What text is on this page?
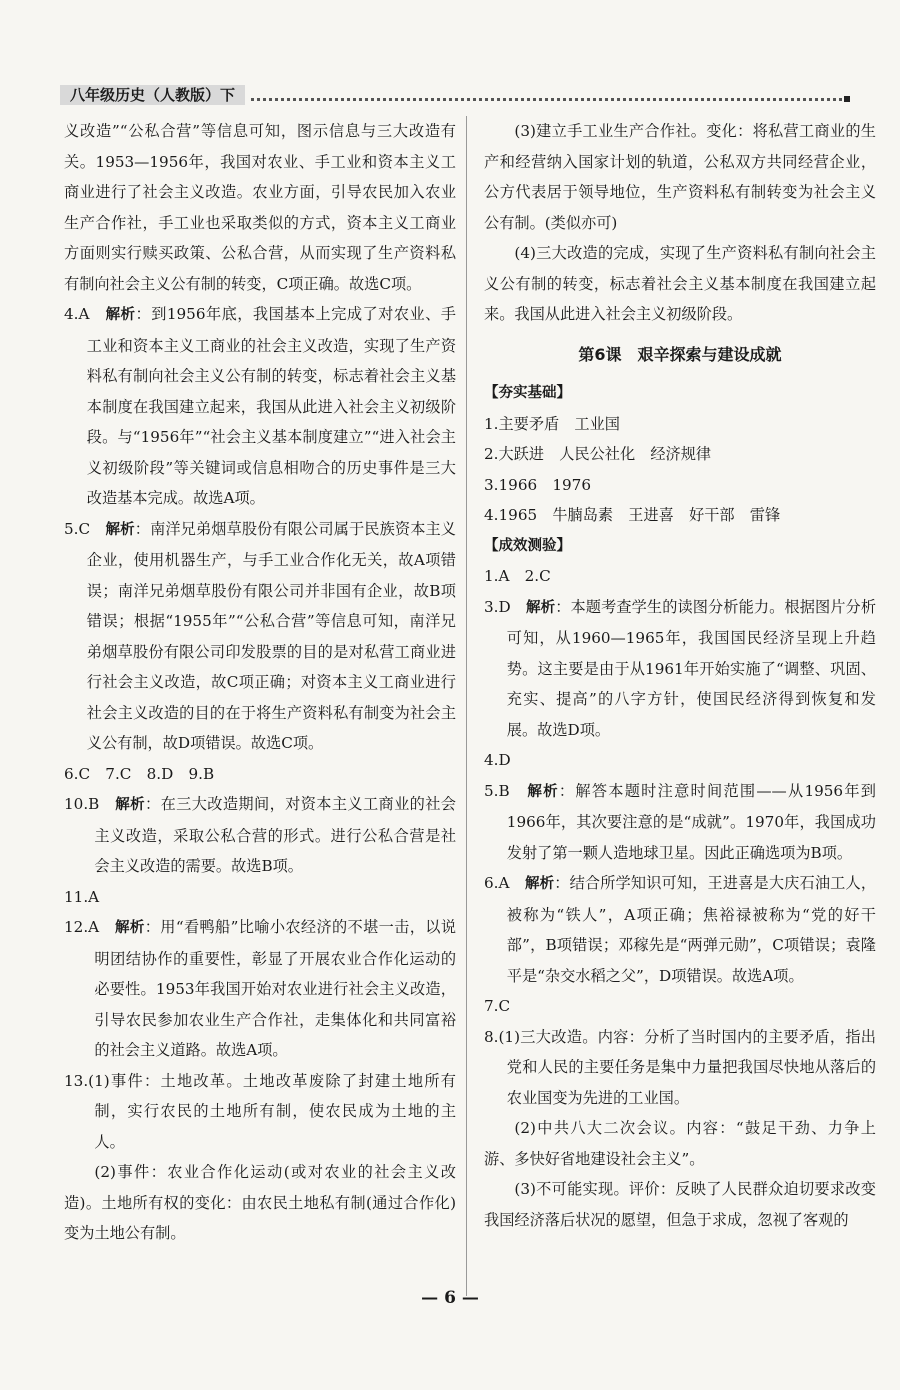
八年级历史（人教版）下

义改造”“公私合营”等信息可知，图示信息与三大改造有关。1953—1956年，我国对农业、手工业和资本主义工商业进行了社会主义改造。农业方面，引导农民加入农业生产合作社，手工业也采取类似的方式，资本主义工商业方面则实行赎买政策、公私合营，从而实现了生产资料私有制向社会主义公有制的转变，C项正确。故选C项。

4.A　解析：到1956年底，我国基本上完成了对农业、手工业和资本主义工商业的社会主义改造，实现了生产资料私有制向社会主义公有制的转变，标志着社会主义基本制度在我国建立起来，我国从此进入社会主义初级阶段。与“1956年”“社会主义基本制度建立”“进入社会主义初级阶段”等关键词或信息相吻合的历史事件是三大改造基本完成。故选A项。

5.C　解析：南洋兄弟烟草股份有限公司属于民族资本主义企业，使用机器生产，与手工业合作化无关，故A项错误；南洋兄弟烟草股份有限公司并非国有企业，故B项错误；根据“1955年”“公私合营”等信息可知，南洋兄弟烟草股份有限公司印发股票的目的是对私营工商业进行社会主义改造，故C项正确；对资本主义工商业进行社会主义改造的目的在于将生产资料私有制变为社会主义公有制，故D项错误。故选C项。

6.C　7.C　8.D　9.B

10.B　解析：在三大改造期间，对资本主义工商业的社会主义改造，采取公私合营的形式。进行公私合营是社会主义改造的需要。故选B项。

11.A

12.A　解析：用“看鸭船”比喻小农经济的不堪一击，以说明团结协作的重要性，彰显了开展农业合作化运动的必要性。1953年我国开始对农业进行社会主义改造，引导农民参加农业生产合作社，走集体化和共同富裕的社会主义道路。故选A项。

13.(1)事件：土地改革。土地改革废除了封建土地所有制，实行农民的土地所有制，使农民成为土地的主人。

(2)事件：农业合作化运动(或对农业的社会主义改造)。土地所有权的变化：由农民土地私有制(通过合作化)变为土地公有制。

(3)建立手工业生产合作社。变化：将私营工商业的生产和经营纳入国家计划的轨道，公私双方共同经营企业，公方代表居于领导地位，生产资料私有制转变为社会主义公有制。(类似亦可)

(4)三大改造的完成，实现了生产资料私有制向社会主义公有制的转变，标志着社会主义基本制度在我国建立起来。我国从此进入社会主义初级阶段。

第6课　艰辛探索与建设成就
【夯实基础】

1.主要矛盾　工业国

2.大跃进　人民公社化　经济规律

3.1966　1976

4.1965　牛腩岛素　王进喜　好干部　雷锋

【成效测验】

1.A　2.C

3.D　解析：本题考查学生的读图分析能力。根据图片分析可知，从1960—1965年，我国国民经济呈现上升趋势。这主要是由于从1961年开始实施了“调整、巩固、充实、提高”的八字方针，使国民经济得到恢复和发展。故选D项。

4.D

5.B　解析：解答本题时注意时间范围——从1956年到1966年，其次要注意的是“成就”。1970年，我国成功发射了第一颗人造地球卫星。因此正确选项为B项。

6.A　解析：结合所学知识可知，王进喜是大庆石油工人，被称为“铁人”，A项正确；焦裕禄被称为“党的好干部”，B项错误；邓稼先是“两弹元勋”，C项错误；袁隆平是“杂交水稻之父”，D项错误。故选A项。

7.C

8.(1)三大改造。内容：分析了当时国内的主要矛盾，指出党和人民的主要任务是集中力量把我国尽快地从落后的农业国变为先进的工业国。

(2)中共八大二次会议。内容：“鼓足干劲、力争上游、多快好省地建设社会主义”。

(3)不可能实现。评价：反映了人民群众迫切要求改变我国经济落后状况的愿望，但急于求成，忽视了客观的

— 6 —
